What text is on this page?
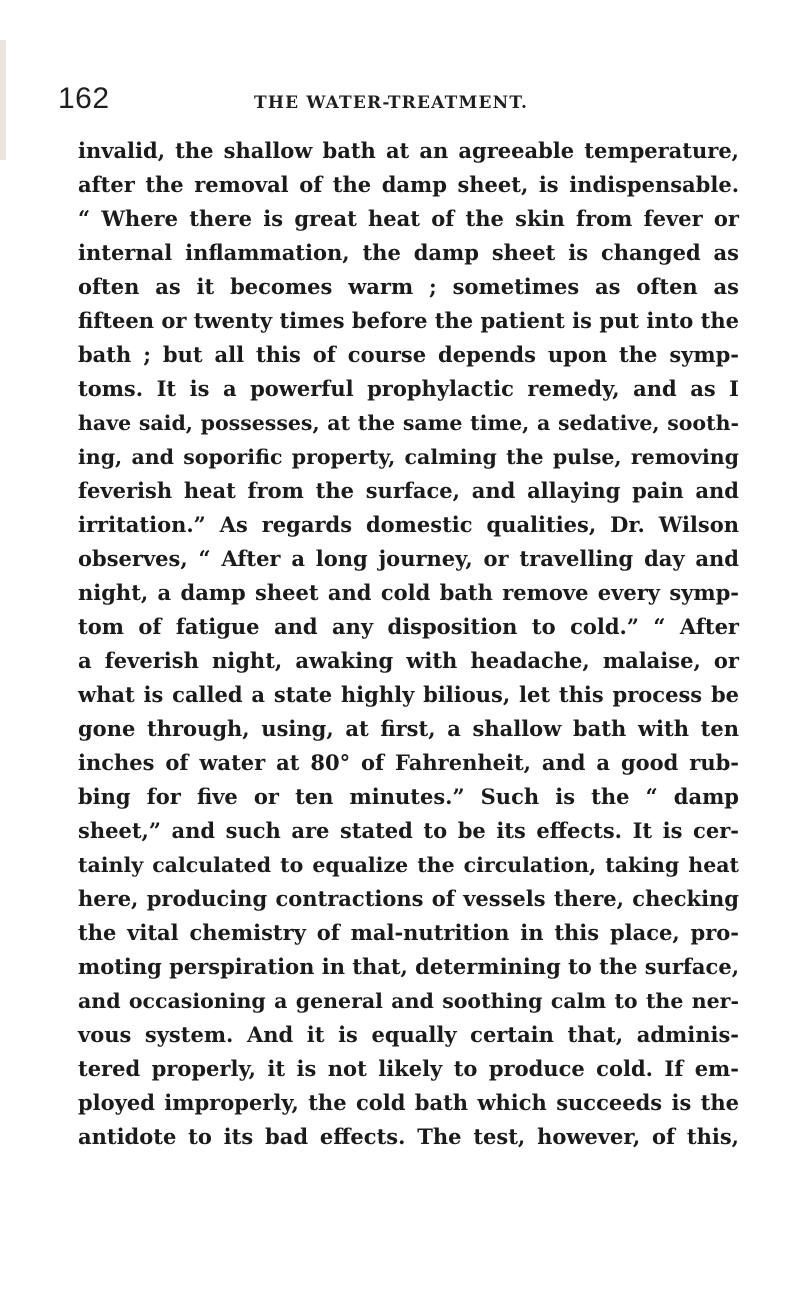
162	THE WATER-TREATMENT.
invalid, the shallow bath at an agreeable temperature,
after the removal of the damp sheet, is indispensable.
“ Where there is great heat of the skin from fever or
internal inflammation, the damp sheet is changed as
often as it becomes warm ; sometimes as often as
fifteen or twenty times before the patient is put into the
bath ; but all this of course depends upon the symp-
toms. It is a powerful prophylactic remedy, and as I
have said, possesses, at the same time, a sedative, sooth-
ing, and soporific property, calming the pulse, removing
feverish heat from the surface, and allaying pain and
irritation.” As regards domestic qualities, Dr. Wilson
observes, “ After a long journey, or travelling day and
night, a damp sheet and cold bath remove every symp-
tom of fatigue and any disposition to cold.” “ After
a feverish night, awaking with headache, malaise, or
what is called a state highly bilious, let this process be
gone through, using, at first, a shallow bath with ten
inches of water at 80° of Fahrenheit, and a good rub-
bing for five or ten minutes.” Such is the “ damp
sheet,” and such are stated to be its effects. It is cer-
tainly calculated to equalize the circulation, taking heat
here, producing contractions of vessels there, checking
the vital chemistry of mal-nutrition in this place, pro-
moting perspiration in that, determining to the surface,
and occasioning a general and soothing calm to the ner-
vous system. And it is equally certain that, adminis-
tered properly, it is not likely to produce cold. If em-
ployed improperly, the cold bath which succeeds is the
antidote to its bad effects. The test, however, of this,
